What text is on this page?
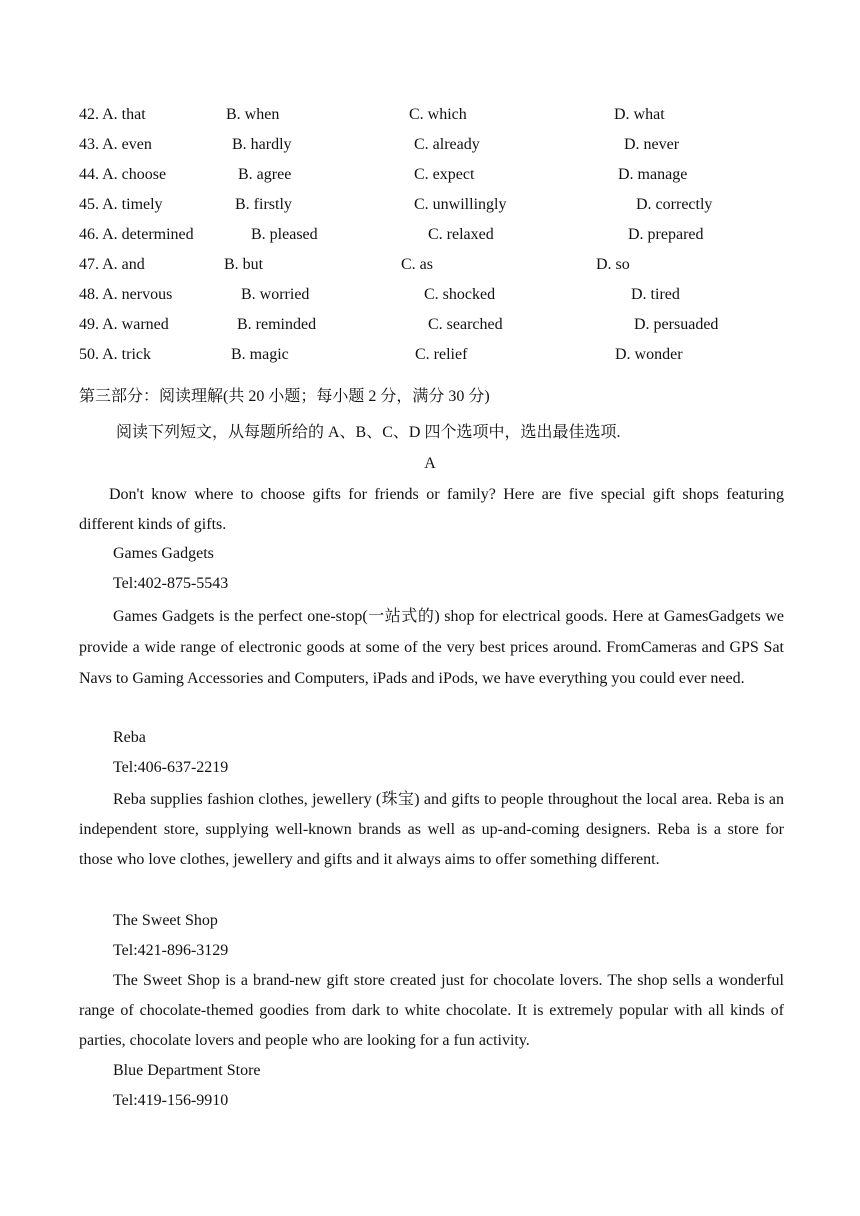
42. A. that	B. when	C. which	D. what
43. A. even	B. hardly	C. already	D. never
44. A. choose	B. agree	C. expect	D. manage
45. A. timely	B. firstly	C. unwillingly	D. correctly
46. A. determined	B. pleased	C. relaxed	D. prepared
47. A. and	B. but	C. as	D. so
48. A. nervous	B. worried	C. shocked	D. tired
49. A. warned	B. reminded	C. searched	D. persuaded
50. A. trick	B. magic	C. relief	D. wonder
第三部分：阅读理解(共 20 小题；每小题 2 分，满分 30 分)
阅读下列短文，从每题所给的 A、B、C、D 四个选项中，选出最佳选项.
A
Don't know where to choose gifts for friends or family? Here are five special gift shops featuring different kinds of gifts.
Games Gadgets
Tel:402-875-5543
Games Gadgets is the perfect one-stop(一站式的) shop for electrical goods. Here at GamesGadgets we provide a wide range of electronic goods at some of the very best prices around. FromCameras and GPS Sat Navs to Gaming Accessories and Computers, iPads and iPods, we have everything you could ever need.
Reba
Tel:406-637-2219
Reba supplies fashion clothes, jewellery (珠宝) and gifts to people throughout the local area. Reba is an independent store, supplying well-known brands as well as up-and-coming designers. Reba is a store for those who love clothes, jewellery and gifts and it always aims to offer something different.
The Sweet Shop
Tel:421-896-3129
The Sweet Shop is a brand-new gift store created just for chocolate lovers. The shop sells a wonderful range of chocolate-themed goodies from dark to white chocolate. It is extremely popular with all kinds of parties, chocolate lovers and people who are looking for a fun activity.
Blue Department Store
Tel:419-156-9910
